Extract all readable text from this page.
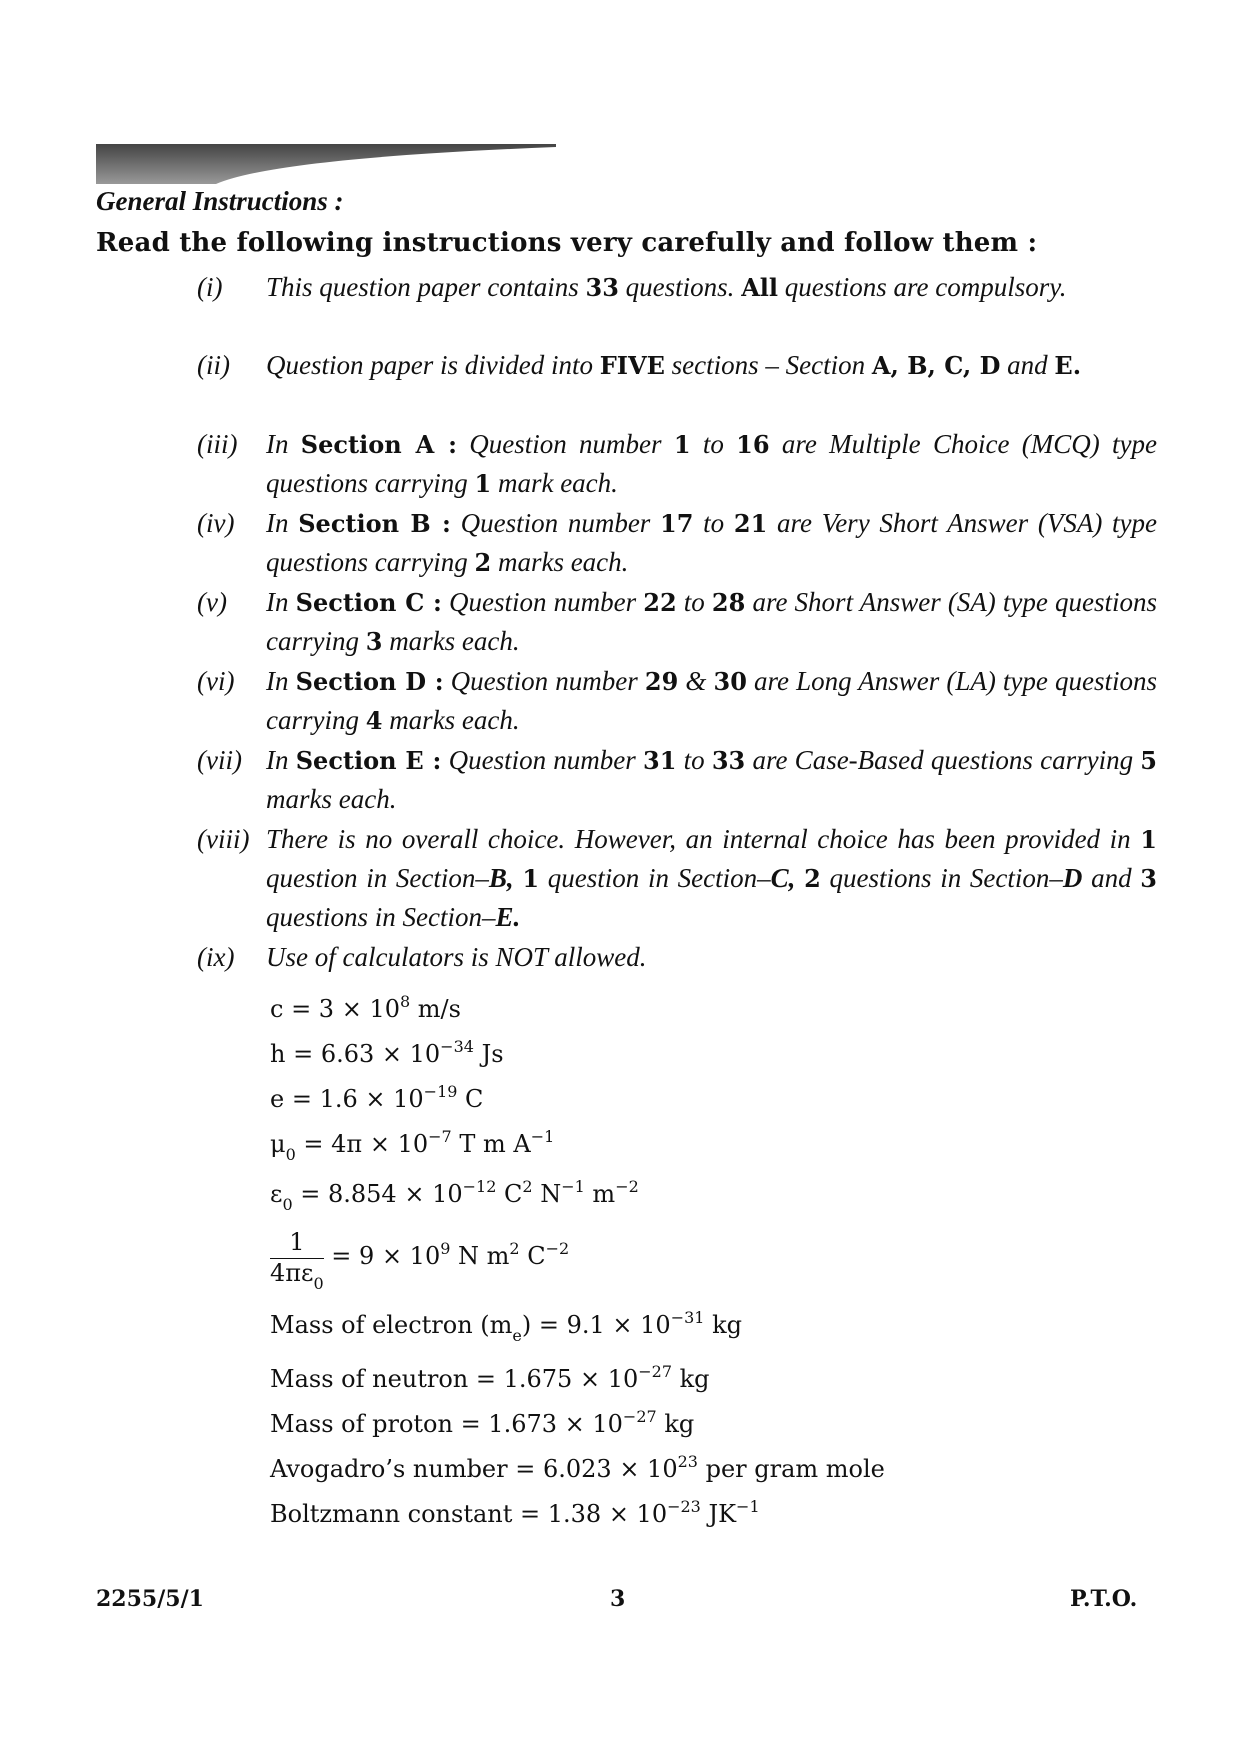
General Instructions :
Read the following instructions very carefully and follow them :
(i) This question paper contains 33 questions. All questions are compulsory.
(ii) Question paper is divided into FIVE sections – Section A, B, C, D and E.
(iii) In Section A : Question number 1 to 16 are Multiple Choice (MCQ) type questions carrying 1 mark each.
(iv) In Section B : Question number 17 to 21 are Very Short Answer (VSA) type questions carrying 2 marks each.
(v) In Section C : Question number 22 to 28 are Short Answer (SA) type questions carrying 3 marks each.
(vi) In Section D : Question number 29 & 30 are Long Answer (LA) type questions carrying 4 marks each.
(vii) In Section E : Question number 31 to 33 are Case-Based questions carrying 5 marks each.
(viii) There is no overall choice. However, an internal choice has been provided in 1 question in Section–B, 1 question in Section–C, 2 questions in Section–D and 3 questions in Section–E.
(ix) Use of calculators is NOT allowed.
$c = 3 \times 10^8$ m/s
$h = 6.63 \times 10^{-34}$ Js
$e = 1.6 \times 10^{-19}$ C
$\mu_0 = 4\pi \times 10^{-7}$ T m $A^{-1}$
$\varepsilon_0 = 8.854 \times 10^{-12}$ $C^2$ $N^{-1}$ $m^{-2}$
$\frac{1}{4\pi\varepsilon_0} = 9 \times 10^9$ N $m^2$ $C^{-2}$
Mass of electron $(m_e) = 9.1 \times 10^{-31}$ kg
Mass of neutron = $1.675 \times 10^{-27}$ kg
Mass of proton = $1.673 \times 10^{-27}$ kg
Avogadro’s number = $6.023 \times 10^{23}$ per gram mole
Boltzmann constant = $1.38 \times 10^{-23}$ $JK^{-1}$
2255/5/1	3	P.T.O.
